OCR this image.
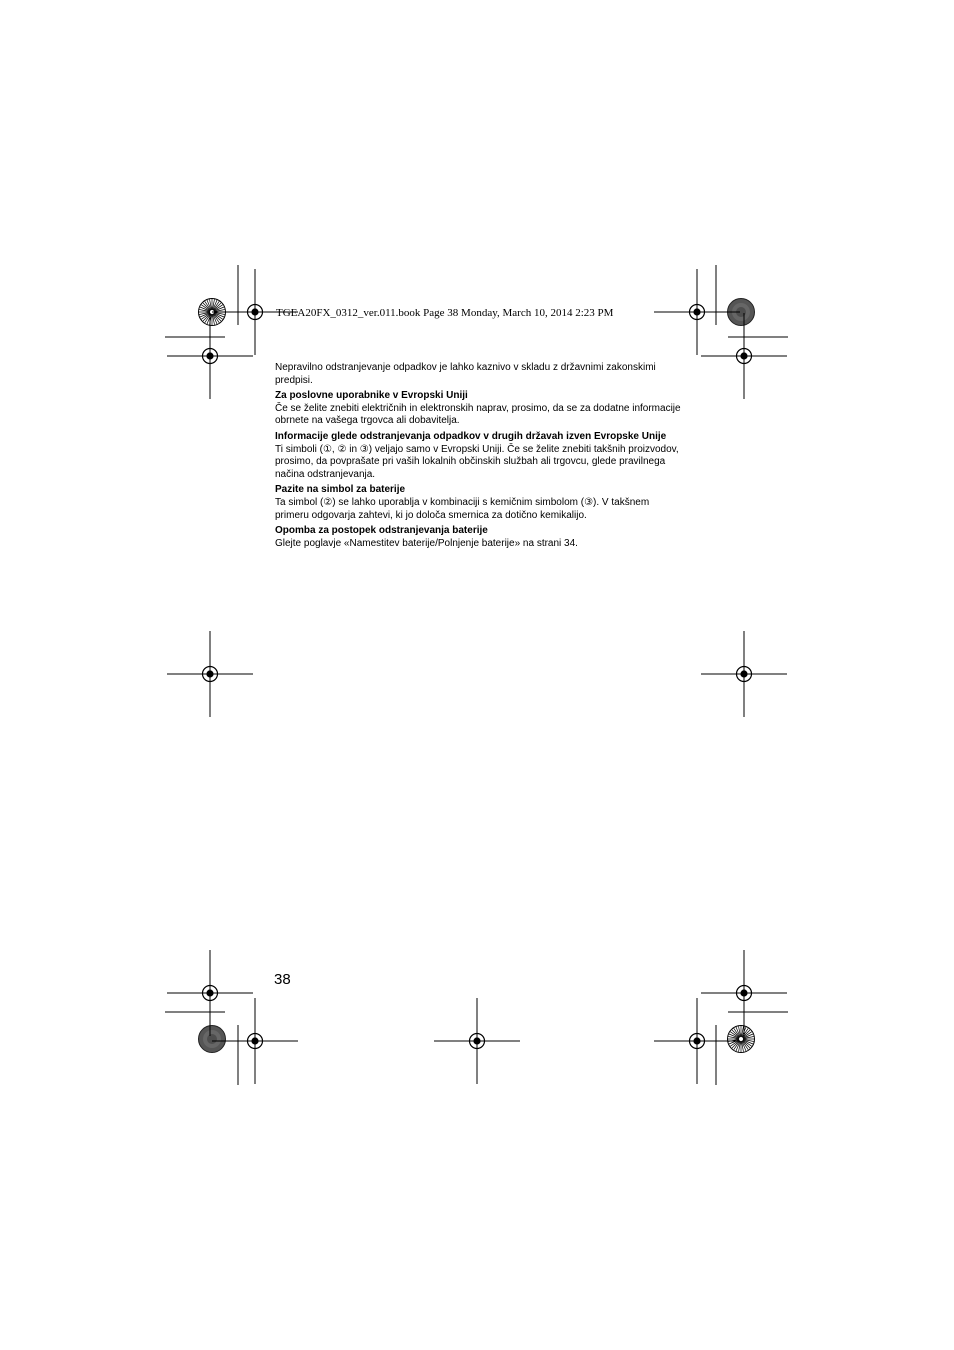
TGEA20FX_0312_ver.011.book Page 38 Monday, March 10, 2014 2:23 PM

Nepravilno odstranjevanje odpadkov je lahko kaznivo v skladu z državnimi zakonskimi predpisi.

Za poslovne uporabnike v Evropski Uniji

Če se želite znebiti električnih in elektronskih naprav, prosimo, da se za dodatne informacije obrnete na vašega trgovca ali dobavitelja.

Informacije glede odstranjevanja odpadkov v drugih državah izven Evropske Unije

Ti simboli (①, ② in ③) veljajo samo v Evropski Uniji. Če se želite znebiti takšnih proizvodov, prosimo, da povprašate pri vaših lokalnih občinskih službah ali trgovcu, glede pravilnega načina odstranjevanja.

Pazite na simbol za baterije

Ta simbol (②) se lahko uporablja v kombinaciji s kemičnim simbolom (③). V takšnem primeru odgovarja zahtevi, ki jo določa smernica za dotično kemikalijo.

Opomba za postopek odstranjevanja baterije

Glejte poglavje «Namestitev baterije/Polnjenje baterije» na strani 34.

38
